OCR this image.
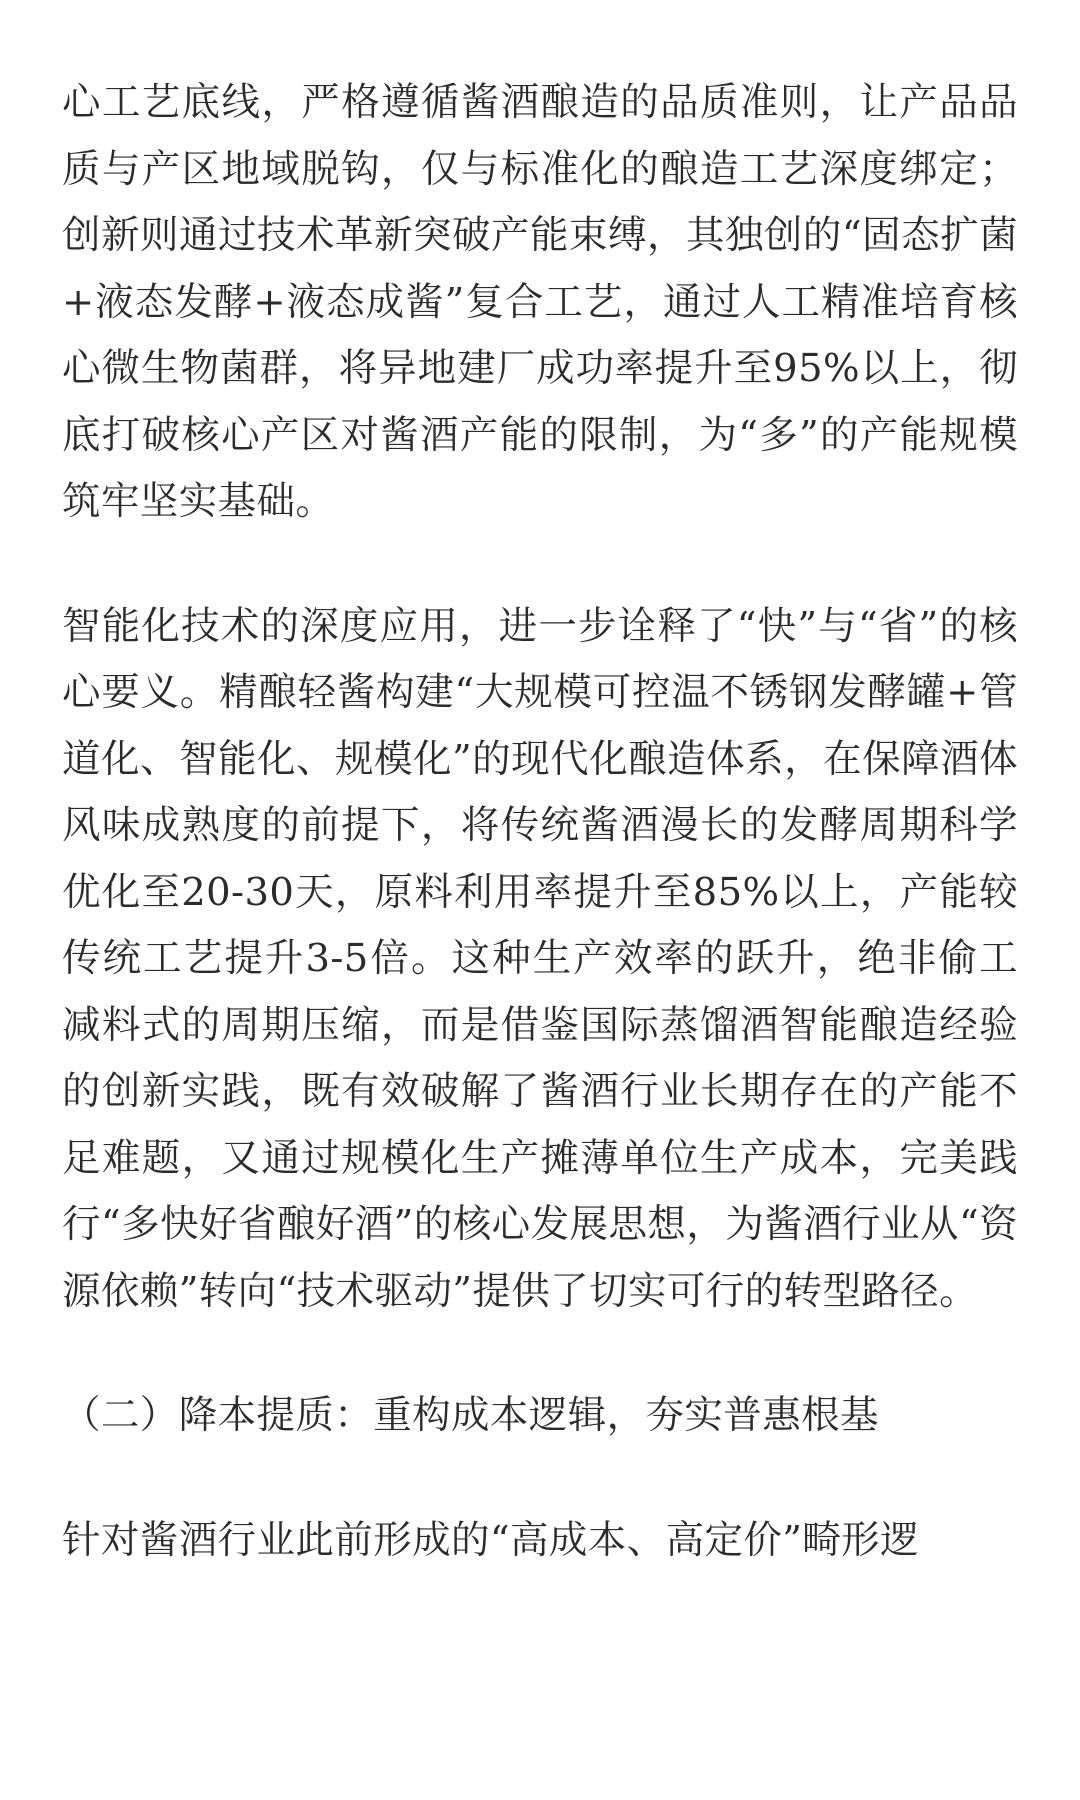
心工艺底线，严格遵循酱酒酿造的品质准则，让产品品质与产区地域脱钩，仅与标准化的酿造工艺深度绑定；创新则通过技术革新突破产能束缚，其独创的“固态扩菌+液态发酵+液态成酱”复合工艺，通过人工精准培育核心微生物菌群，将异地建厂成功率提升至95%以上，彻底打破核心产区对酱酒产能的限制，为“多”的产能规模筑牢坚实基础。

智能化技术的深度应用，进一步诠释了“快”与“省”的核心要义。精酿轻酱构建“大规模可控温不锈钢发酵罐+管道化、智能化、规模化”的现代化酿造体系，在保障酒体风味成熟度的前提下，将传统酱酒漫长的发酵周期科学优化至20-30天，原料利用率提升至85%以上，产能较传统工艺提升3-5倍。这种生产效率的跃升，绝非偷工减料式的周期压缩，而是借鉴国际蒸馏酒智能酿造经验的创新实践，既有效破解了酱酒行业长期存在的产能不足难题，又通过规模化生产摊薄单位生产成本，完美践行“多快好省酿好酒”的核心发展思想，为酱酒行业从“资源依赖”转向“技术驱动”提供了切实可行的转型路径。

（二）降本提质：重构成本逻辑，夯实普惠根基

针对酱酒行业此前形成的“高成本、高定价”畸形逻
